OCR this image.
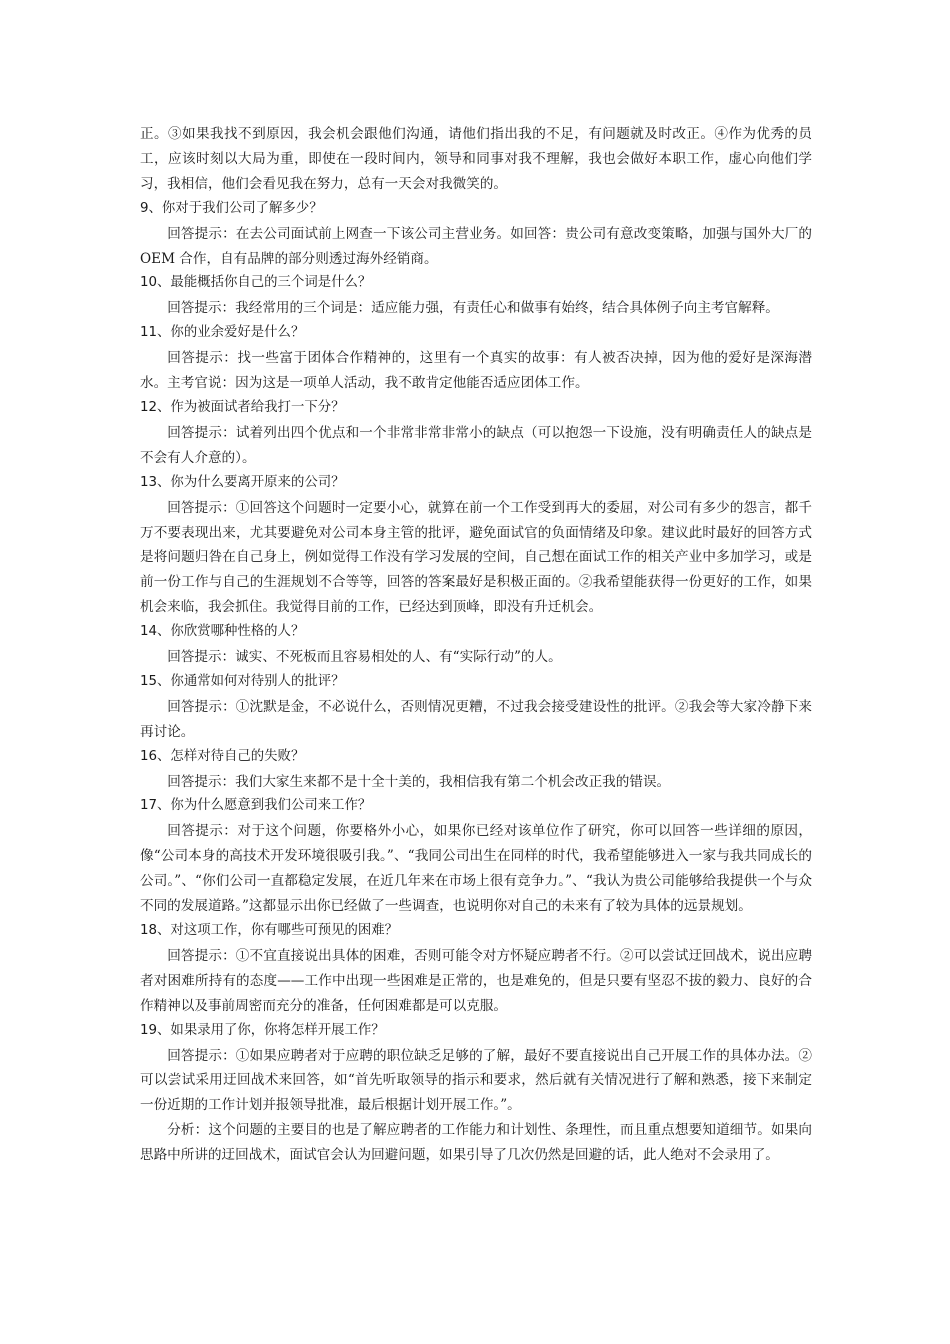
正。③如果我找不到原因，我会机会跟他们沟通，请他们指出我的不足，有问题就及时改正。④作为优秀的员工，应该时刻以大局为重，即使在一段时间内，领导和同事对我不理解，我也会做好本职工作，虚心向他们学习，我相信，他们会看见我在努力，总有一天会对我微笑的。

9、你对于我们公司了解多少？

回答提示：在去公司面试前上网查一下该公司主营业务。如回答：贵公司有意改变策略，加强与国外大厂的 OEM 合作，自有品牌的部分则透过海外经销商。

10、最能概括你自己的三个词是什么？

回答提示：我经常用的三个词是：适应能力强，有责任心和做事有始终，结合具体例子向主考官解释。

11、你的业余爱好是什么？

回答提示：找一些富于团体合作精神的，这里有一个真实的故事：有人被否决掉，因为他的爱好是深海潜水。主考官说：因为这是一项单人活动，我不敢肯定他能否适应团体工作。

12、作为被面试者给我打一下分？

回答提示：试着列出四个优点和一个非常非常非常小的缺点（可以抱怨一下设施，没有明确责任人的缺点是不会有人介意的）。

13、你为什么要离开原来的公司？

回答提示：①回答这个问题时一定要小心，就算在前一个工作受到再大的委屈，对公司有多少的怨言，都千万不要表现出来，尤其要避免对公司本身主管的批评，避免面试官的负面情绪及印象。建议此时最好的回答方式是将问题归咎在自己身上，例如觉得工作没有学习发展的空间，自己想在面试工作的相关产业中多加学习，或是前一份工作与自己的生涯规划不合等等，回答的答案最好是积极正面的。②我希望能获得一份更好的工作，如果机会来临，我会抓住。我觉得目前的工作，已经达到顶峰，即没有升迁机会。

14、你欣赏哪种性格的人？

回答提示：诚实、不死板而且容易相处的人、有“实际行动”的人。

15、你通常如何对待别人的批评？

回答提示：①沈默是金，不必说什么，否则情况更糟，不过我会接受建设性的批评。②我会等大家冷静下来再讨论。

16、怎样对待自己的失败？

回答提示：我们大家生来都不是十全十美的，我相信我有第二个机会改正我的错误。

17、你为什么愿意到我们公司来工作？

回答提示：对于这个问题，你要格外小心，如果你已经对该单位作了研究，你可以回答一些详细的原因，像“公司本身的高技术开发环境很吸引我。”、“我同公司出生在同样的时代，我希望能够进入一家与我共同成长的公司。”、“你们公司一直都稳定发展，在近几年来在市场上很有竞争力。”、“我认为贵公司能够给我提供一个与众不同的发展道路。”这都显示出你已经做了一些调查，也说明你对自己的未来有了较为具体的远景规划。

18、对这项工作，你有哪些可预见的困难？

回答提示：①不宜直接说出具体的困难，否则可能令对方怀疑应聘者不行。②可以尝试迂回战术，说出应聘者对困难所持有的态度——工作中出现一些困难是正常的，也是难免的，但是只要有坚忍不拔的毅力、良好的合作精神以及事前周密而充分的准备，任何困难都是可以克服。

19、如果录用了你，你将怎样开展工作？

回答提示：①如果应聘者对于应聘的职位缺乏足够的了解，最好不要直接说出自己开展工作的具体办法。②可以尝试采用迂回战术来回答，如“首先听取领导的指示和要求，然后就有关情况进行了解和熟悉，接下来制定一份近期的工作计划并报领导批准，最后根据计划开展工作。”。

分析：这个问题的主要目的也是了解应聘者的工作能力和计划性、条理性，而且重点想要知道细节。如果向思路中所讲的迂回战术，面试官会认为回避问题，如果引导了几次仍然是回避的话，此人绝对不会录用了。
